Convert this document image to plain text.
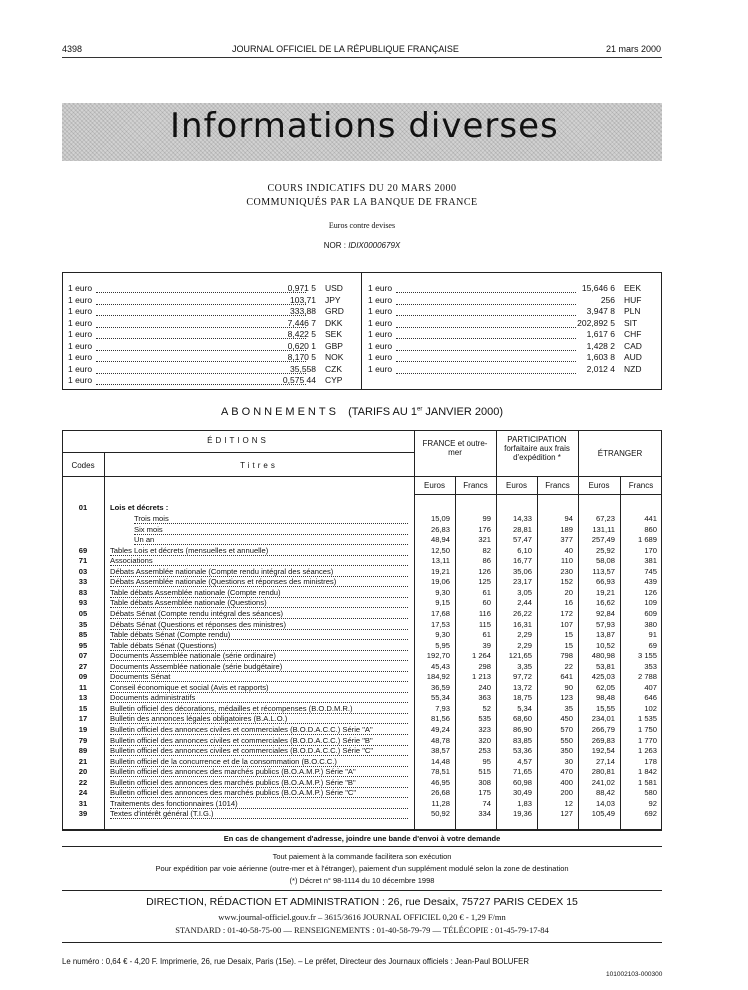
4398	JOURNAL OFFICIEL DE LA RÉPUBLIQUE FRANÇAISE	21 mars 2000
Informations diverses
COURS INDICATIFS DU 20 MARS 2000
COMMUNIQUÉS PAR LA BANQUE DE FRANCE
Euros contre devises
NOR : IDIX0000679X
1 euro	0,971 5 USD
1 euro	103,71 JPY
1 euro	333,88 GRD
1 euro	7,446 7 DKK
1 euro	8,422 5 SEK
1 euro	0,620 1 GBP
1 euro	8,170 5 NOK
1 euro	35,558 CZK
1 euro	0,575 44 CYP
1 euro	15,646 6 EEK
1 euro	256 HUF
1 euro	3,947 8 PLN
1 euro	202,892 5 SIT
1 euro	1,617 6 CHF
1 euro	1,428 2 CAD
1 euro	1,603 8 AUD
1 euro	2,012 4 NZD
ABONNEMENTS (TARIFS AU 1er JANVIER 2000)
ÉDITIONS
Codes	Titres
FRANCE et outre-mer
PARTICIPATION forfaitaire aux frais d'expédition *	ÉTRANGER
Euros	Francs	Euros	Francs	Euros	Francs
01	Lois et décrets :
Trois mois	15,09	99	14,33	94	67,23	441
Six mois	26,83	176	28,81	189	131,11	860
Un an	48,94	321	57,47	377	257,49	1 689
69	Tables Lois et décrets (mensuelles et annuelle)	12,50	82	6,10	40	25,92	170
71	Associations	13,11	86	16,77	110	58,08	381
03	Débats Assemblée nationale (Compte rendu intégral des séances)	19,21	126	35,06	230	113,57	745
33	Débats Assemblée nationale (Questions et réponses des ministres)	19,06	125	23,17	152	66,93	439
83	Table débats Assemblée nationale (Compte rendu)	9,30	61	3,05	20	19,21	126
93	Table débats Assemblée nationale (Questions)	9,15	60	2,44	16	16,62	109
05	Débats Sénat (Compte rendu intégral des séances)	17,68	116	26,22	172	92,84	609
35	Débats Sénat (Questions et réponses des ministres)	17,53	115	16,31	107	57,93	380
85	Table débats Sénat (Compte rendu)	9,30	61	2,29	15	13,87	91
95	Table débats Sénat (Questions)	5,95	39	2,29	15	10,52	69
07	Documents Assemblée nationale (série ordinaire)	192,70	1 264	121,65	798	480,98	3 155
27	Documents Assemblée nationale (série budgétaire)	45,43	298	3,35	22	53,81	353
09	Documents Sénat	184,92	1 213	97,72	641	425,03	2 788
11	Conseil économique et social (Avis et rapports)	36,59	240	13,72	90	62,05	407
13	Documents administratifs	55,34	363	18,75	123	98,48	646
15	Bulletin officiel des décorations, médailles et récompenses (B.O.D.M.R.)	7,93	52	5,34	35	15,55	102
17	Bulletin des annonces légales obligatoires (B.A.L.O.)	81,56	535	68,60	450	234,01	1 535
19	Bulletin officiel des annonces civiles et commerciales (B.O.D.A.C.C.) Série "A"	49,24	323	86,90	570	266,79	1 750
79	Bulletin officiel des annonces civiles et commerciales (B.O.D.A.C.C.) Série "B"	48,78	320	83,85	550	269,83	1 770
89	Bulletin officiel des annonces civiles et commerciales (B.O.D.A.C.C.) Série "C"	38,57	253	53,36	350	192,54	1 263
21	Bulletin officiel de la concurrence et de la consommation (B.O.C.C.)	14,48	95	4,57	30	27,14	178
20	Bulletin officiel des annonces des marchés publics (B.O.A.M.P.) Série "A"	78,51	515	71,65	470	280,81	1 842
22	Bulletin officiel des annonces des marchés publics (B.O.A.M.P.) Série "B"	46,95	308	60,98	400	241,02	1 581
24	Bulletin officiel des annonces des marchés publics (B.O.A.M.P.) Série "C"	26,68	175	30,49	200	88,42	580
31	Traitements des fonctionnaires (1014)	11,28	74	1,83	12	14,03	92
39	Textes d'intérêt général (T.I.G.)	50,92	334	19,36	127	105,49	692
En cas de changement d'adresse, joindre une bande d'envoi à votre demande
Tout paiement à la commande facilitera son exécution
Pour expédition par voie aérienne (outre-mer et à l'étranger), paiement d'un supplément modulé selon la zone de destination
(*) Décret n° 98-1114 du 10 décembre 1998
DIRECTION, RÉDACTION ET ADMINISTRATION : 26, rue Desaix, 75727 PARIS CEDEX 15
www.journal-officiel.gouv.fr – 3615/3616 JOURNAL OFFICIEL 0,20 € - 1,29 F/mn
STANDARD : 01-40-58-75-00 — RENSEIGNEMENTS : 01-40-58-79-79 — TÉLÉCOPIE : 01-45-79-17-84
Le numéro : 0,64 € - 4,20 F. Imprimerie, 26, rue Desaix, Paris (15e). – Le préfet, Directeur des Journaux officiels : Jean-Paul BOLUFER
101002103-000300
